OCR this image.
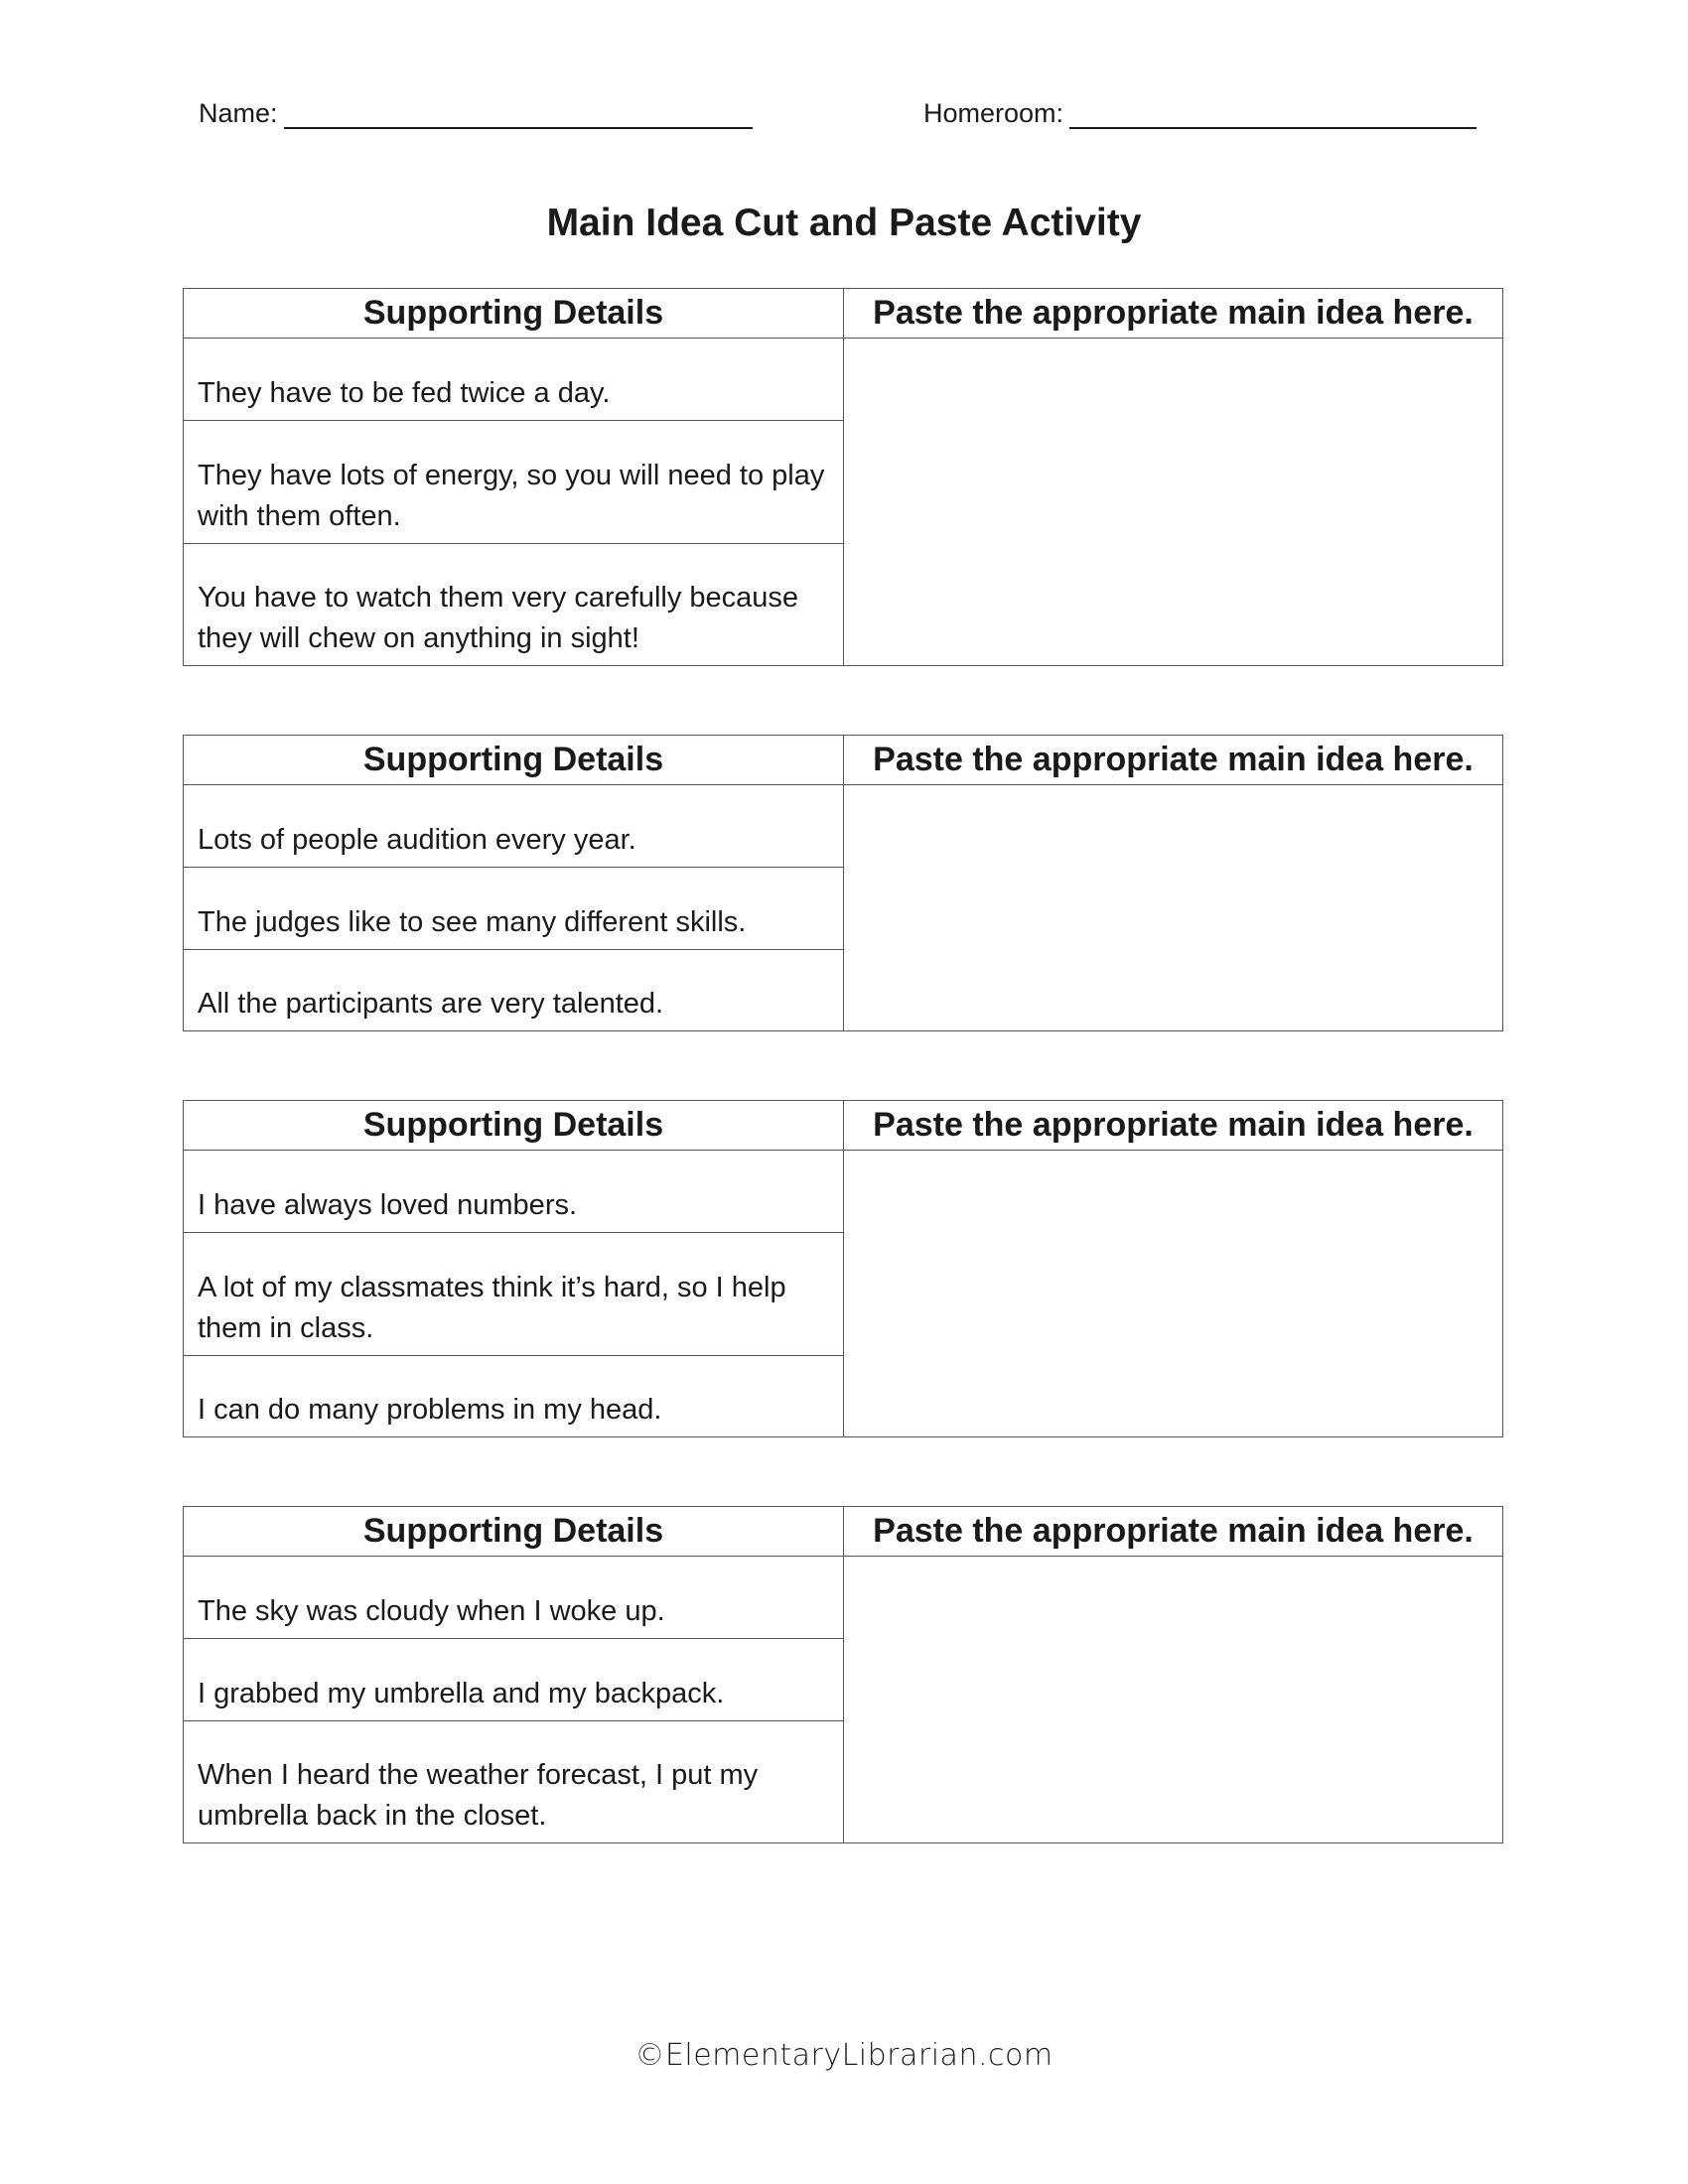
Name:	Homeroom:
Main Idea Cut and Paste Activity
Supporting Details	Paste the appropriate main idea here.
They have to be fed twice a day.
They have lots of energy, so you will need to play with them often.
You have to watch them very carefully because they will chew on anything in sight!
Supporting Details	Paste the appropriate main idea here.
Lots of people audition every year.
The judges like to see many different skills.
All the participants are very talented.
Supporting Details	Paste the appropriate main idea here.
I have always loved numbers.
A lot of my classmates think it’s hard, so I help them in class.
I can do many problems in my head.
Supporting Details	Paste the appropriate main idea here.
The sky was cloudy when I woke up.
I grabbed my umbrella and my backpack.
When I heard the weather forecast, I put my umbrella back in the closet.
©ElementaryLibrarian.com
